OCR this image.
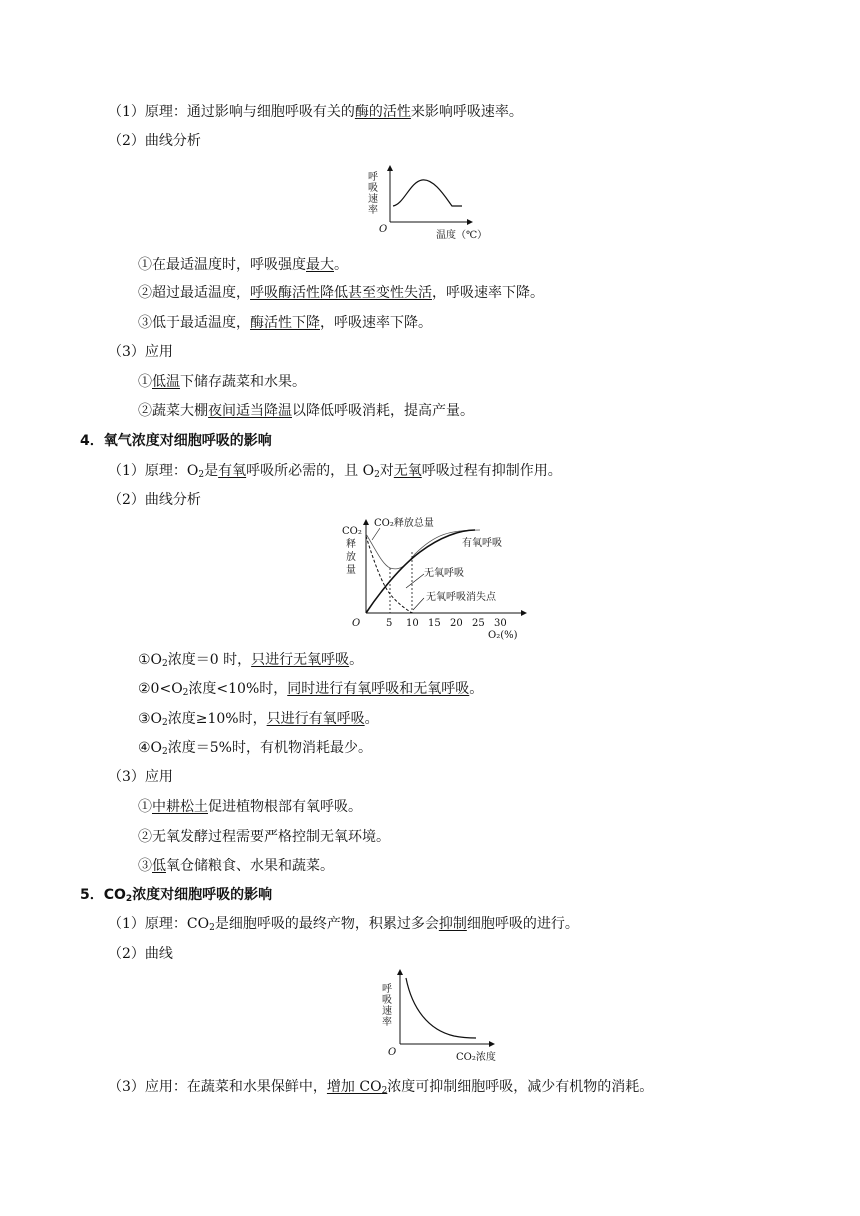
（1）原理：通过影响与细胞呼吸有关的酶的活性来影响呼吸速率。
（2）曲线分析
呼
吸
速
率
O
温度（℃）
①在最适温度时，呼吸强度最大。
②超过最适温度，呼吸酶活性降低甚至变性失活，呼吸速率下降。
③低于最适温度，酶活性下降，呼吸速率下降。
（3）应用
①低温下储存蔬菜和水果。
②蔬菜大棚夜间适当降温以降低呼吸消耗，提高产量。
4．氧气浓度对细胞呼吸的影响
（1）原理：$O_2$是有氧呼吸所必需的，且 $O_2$对无氧呼吸过程有抑制作用。
（2）曲线分析
CO₂
释
放
量
O
CO₂释放总量
有氧呼吸
无氧呼吸
无氧呼吸消失点
5 10 15 20 25 30
O₂(%)
$①O_2$浓度＝0 时，只进行无氧呼吸。
$②0<O_2$浓度<10%时，同时进行有氧呼吸和无氧呼吸。
$③O_2$浓度≥10%时，只进行有氧呼吸。
$④O_2$浓度＝5%时，有机物消耗最少。
（3）应用
①中耕松土促进植物根部有氧呼吸。
②无氧发酵过程需要严格控制无氧环境。
③低氧仓储粮食、水果和蔬菜。
5．$CO_2$浓度对细胞呼吸的影响
（1）原理：$CO_2$是细胞呼吸的最终产物，积累过多会抑制细胞呼吸的进行。
（2）曲线
呼
吸
速
率
O	CO₂浓度
（3）应用：在蔬菜和水果保鲜中，增加 $CO_2$浓度可抑制细胞呼吸，减少有机物的消耗。
